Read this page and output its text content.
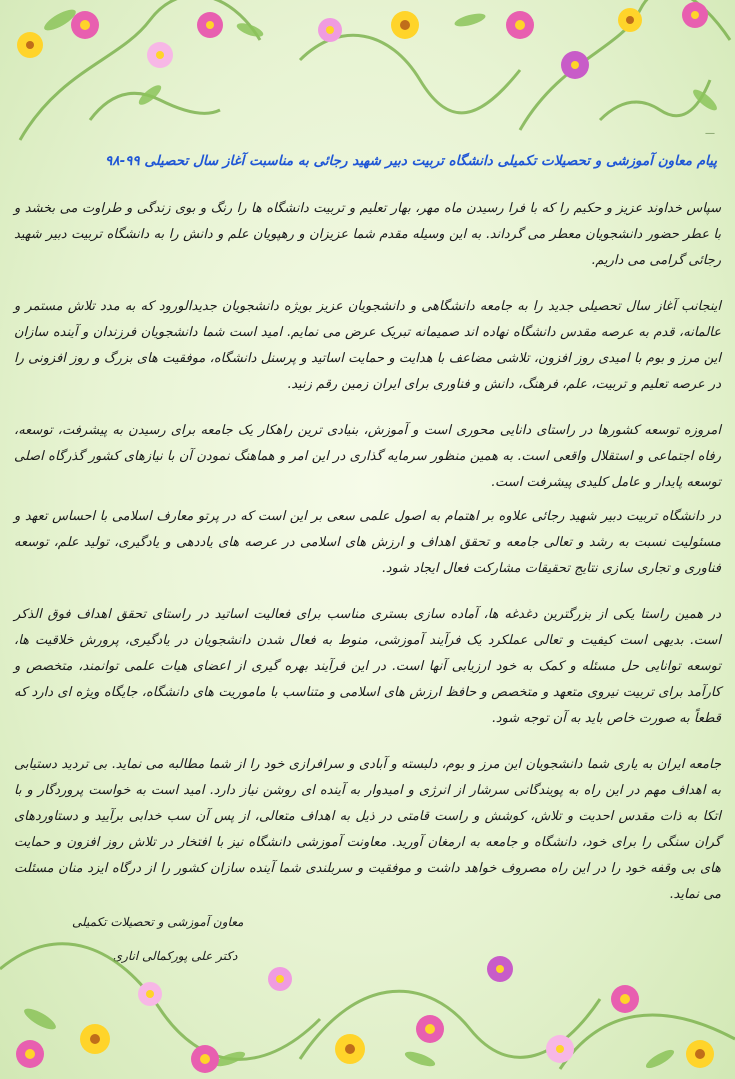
—
پیام معاون آموزشی و تحصیلات تکمیلی دانشگاه تربیت دبیر شهید رجائی به مناسبت آغاز سال تحصیلی ۹۹-۹۸

سپاس خداوند عزیز و حکیم را که با فرا رسیدن ماه مهر، بهار تعلیم و تربیت دانشگاه ها را رنگ و بوی زندگی و طراوت می بخشد و با عطر حضور دانشجویان معطر می گرداند. به این وسیله مقدم شما عزیزان و رهپویان علم و دانش را به دانشگاه تربیت دبیر شهید رجائی گرامی می داریم.

اینجانب آغاز سال تحصیلی جدید را به جامعه دانشگاهی و دانشجویان عزیز بویژه دانشجویان جدیدالورود که به مدد تلاش مستمر و عالمانه، قدم به عرصه مقدس دانشگاه نهاده اند صمیمانه تبریک عرض می نمایم. امید است شما دانشجویان فرزندان و آینده سازان این مرز و بوم با امیدی روز افزون، تلاشی مضاعف با هدایت و حمایت اساتید و پرسنل دانشگاه، موفقیت های بزرگ و روز افزونی را در عرصه تعلیم و تربیت، علم، فرهنگ، دانش و فناوری برای ایران زمین رقم زنید.

امروزه توسعه کشورها در راستای دانایی محوری است و آموزش، بنیادی ترین راهکار یک جامعه برای رسیدن به پیشرفت، توسعه، رفاه اجتماعی و استقلال واقعی است. به همین منظور سرمایه گذاری در این امر و هماهنگ نمودن آن با نیازهای کشور گذرگاه اصلی توسعه پایدار و عامل کلیدی پیشرفت است.

در دانشگاه تربیت دبیر شهید رجائی علاوه بر اهتمام به اصول علمی سعی بر این است که در پرتو معارف اسلامی با احساس تعهد و مسئولیت نسبت به رشد و تعالی جامعه و تحقق اهداف و ارزش های اسلامی در عرصه های یاددهی و یادگیری، تولید علم، توسعه فناوری و تجاری سازی نتایج تحقیقات مشارکت فعال ایجاد شود.

در همین راستا یکی از بزرگترین دغدغه ها، آماده سازی بستری مناسب برای فعالیت اساتید در راستای تحقق اهداف فوق الذکر است. بدیهی است کیفیت و تعالی عملکرد یک فرآیند آموزشی، منوط به فعال شدن دانشجویان در یادگیری، پرورش خلاقیت ها، توسعه توانایی حل مسئله و کمک به خود ارزیابی آنها است. در این فرآیند بهره گیری از اعضای هیات علمی توانمند، متخصص و کارآمد برای تربیت نیروی متعهد و متخصص و حافظ ارزش های اسلامی و متناسب با ماموریت های دانشگاه، جایگاه ویژه ای دارد که قطعاً به صورت خاص باید به آن توجه شود.

جامعه ایران به یاری شما دانشجویان این مرز و بوم، دلبسته و آبادی و سرافرازی خود را از شما مطالبه می نماید. بی تردید دستیابی به اهداف مهم در این راه به پویندگانی سرشار از انرژی و امیدوار به آینده ای روشن نیاز دارد. امید است به خواست پروردگار و با اتکا به ذات مقدس احدیت و تلاش، کوشش و راست قامتی در ذیل به اهداف متعالی، از پس آن سب خدابی برآیید و دستاوردهای گران سنگی را برای خود، دانشگاه و جامعه به ارمغان آورید. معاونت آموزشی دانشگاه نیز با افتخار در تلاش روز افزون و حمایت های بی وقفه خود را در این راه مصروف خواهد داشت و موفقیت و سربلندی شما آینده سازان کشور را از درگاه ایزد منان مسئلت می نماید.

معاون آموزشی و تحصیلات تکمیلی
دکتر علی پورکمالی اناری
